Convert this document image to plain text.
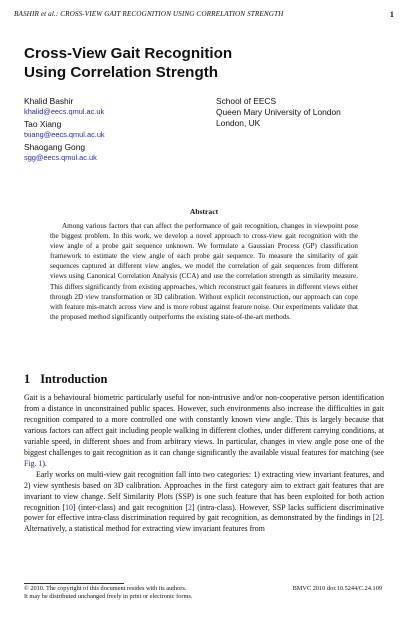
BASHIR et al.: CROSS-VIEW GAIT RECOGNITION USING CORRELATION STRENGTH	1
Cross-View Gait Recognition
Using Correlation Strength
Khalid Bashir
khalid@eecs.qmul.ac.uk
Tao Xiang
txiang@eecs.qmul.ac.uk
Shaogang Gong
sgg@eecs.qmul.ac.uk
School of EECS
Queen Mary University of London
London, UK
Abstract
Among various factors that can affect the performance of gait recognition, changes in viewpoint pose the biggest problem. In this work, we develop a novel approach to cross-view gait recognition with the view angle of a probe gait sequence unknown. We formulate a Gaussian Process (GP) classification framework to estimate the view angle of each probe gait sequence. To measure the similarity of gait sequences captured at different view angles, we model the correlation of gait sequences from different views using Canonical Correlation Analysis (CCA) and use the correlation strength as similarity measure. This differs significantly from existing approaches, which reconstruct gait features in different views either through 2D view transformation or 3D calibration. Without explicit reconstruction, our approach can cope with feature mis-match across view and is more robust against feature noise. Our experiments validate that the proposed method significantly outperforms the existing state-of-the-art methods.
1 Introduction

Gait is a behavioural biometric particularly useful for non-intrusive and/or non-cooperative person identification from a distance in unconstrained public spaces. However, such environments also increase the difficulties in gait recognition compared to a more controlled one with constantly known view angle. This is largely because that various factors can affect gait including people walking in different clothes, under different carrying conditions, at variable speed, in different shoes and from arbitrary views. In particular, changes in view angle pose one of the biggest challenges to gait recognition as it can change significantly the available visual features for matching (see Fig. 1).

Early works on multi-view gait recognition fall into two categories: 1) extracting view invariant features, and 2) view synthesis based on 3D calibration. Approaches in the first category aim to extract gait features that are invariant to view change. Self Similarity Plots (SSP) is one such feature that has been exploited for both action recognition [10] (inter-class) and gait recognition [2] (intra-class). However, SSP lacks sufficient discriminative power for effective intra-class discrimination required by gait recognition, as demonstrated by the findings in [2]. Alternatively, a statistical method for extracting view invariant features from

© 2010. The copyright of this document resides with its authors.
It may be distributed unchanged freely in print or electronic forms.
BMVC 2010 doi:10.5244/C.24.109
